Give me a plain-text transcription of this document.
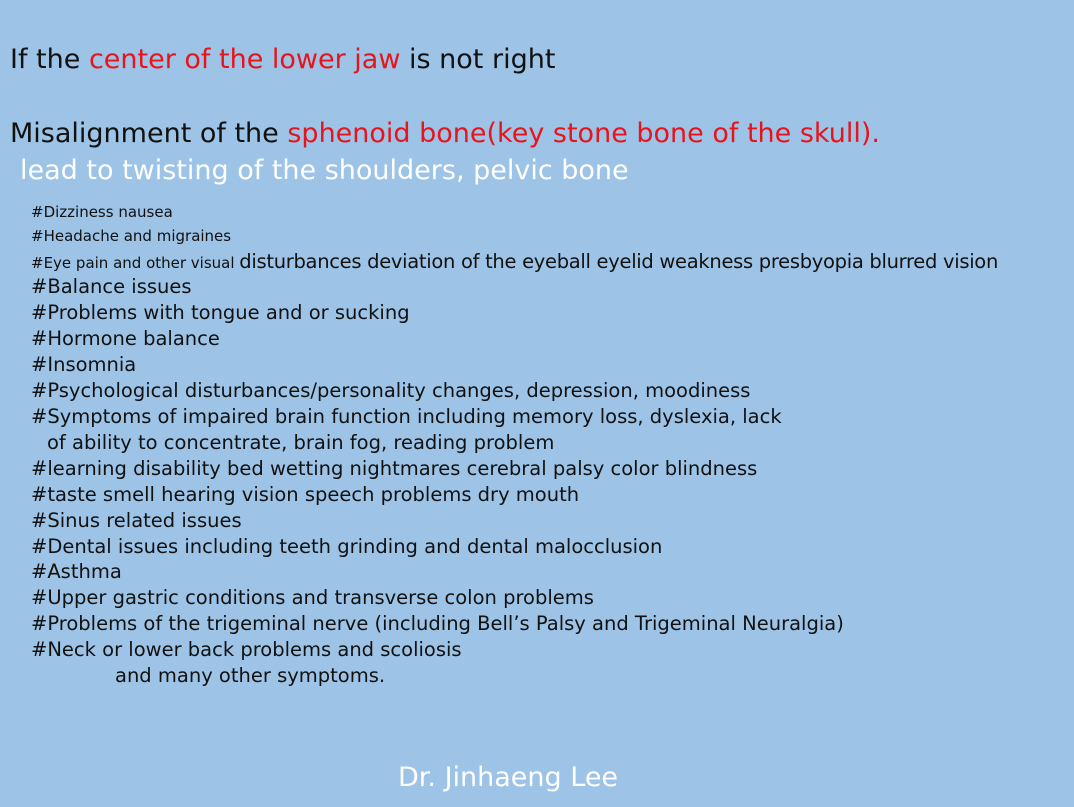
If the center of the lower jaw is not right
Misalignment of the sphenoid bone(key stone bone of the skull).
lead to twisting of the shoulders, pelvic bone
#Dizziness nausea
#Headache and migraines
#Eye pain and other visual disturbances deviation of the eyeball eyelid weakness presbyopia blurred vision
#Balance issues
#Problems with tongue and or sucking
#Hormone balance
#Insomnia
#Psychological disturbances/personality changes, depression, moodiness
#Symptoms of impaired brain function including memory loss, dyslexia, lack
of ability to concentrate, brain fog, reading problem
#learning disability bed wetting nightmares cerebral palsy color blindness
#taste smell hearing vision speech problems dry mouth
#Sinus related issues
#Dental issues including teeth grinding and dental malocclusion
#Asthma
#Upper gastric conditions and transverse colon problems
#Problems of the trigeminal nerve (including Bell’s Palsy and Trigeminal Neuralgia)
#Neck or lower back problems and scoliosis
and many other symptoms.
Dr. Jinhaeng Lee
